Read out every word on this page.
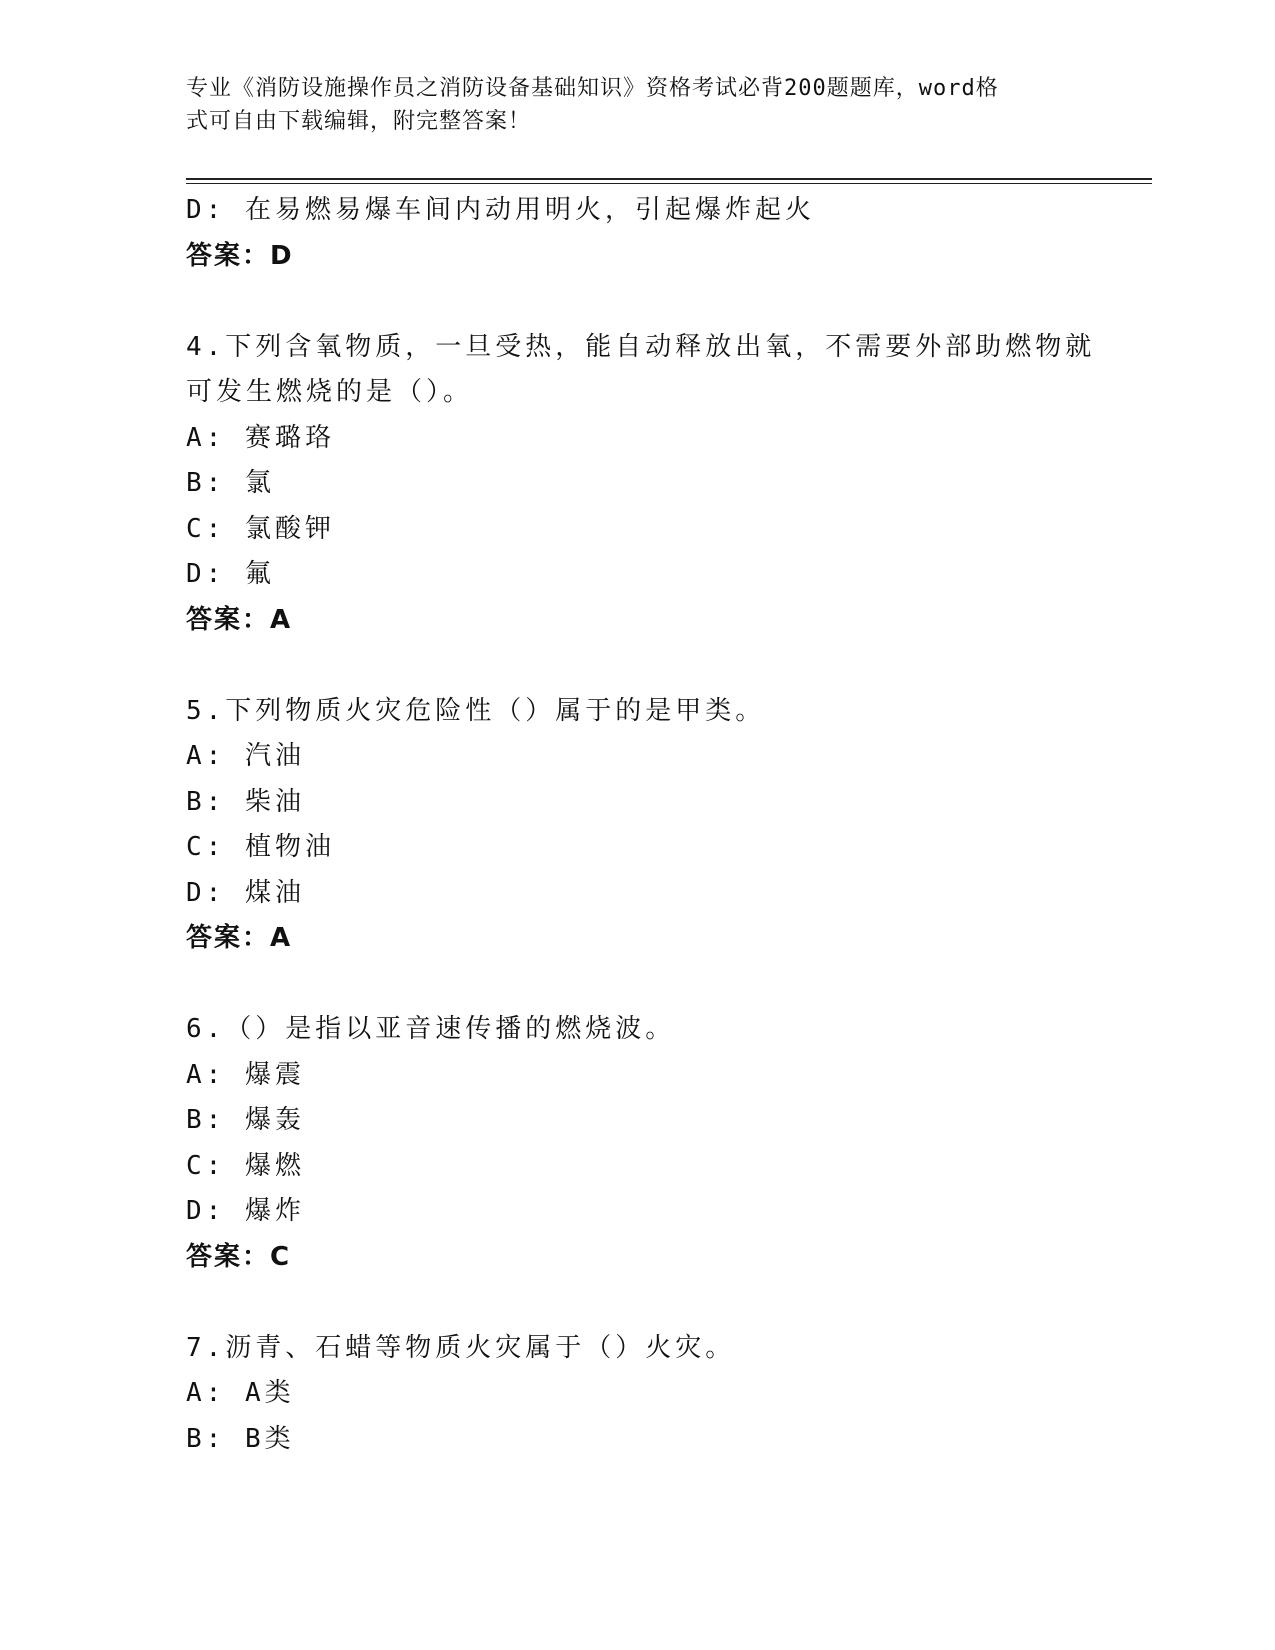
专业《消防设施操作员之消防设备基础知识》资格考试必背200题题库，word格
式可自由下载编辑，附完整答案！
D: 在易燃易爆车间内动用明火，引起爆炸起火
答案：D
4.下列含氧物质，一旦受热，能自动释放出氧，不需要外部助燃物就
可发生燃烧的是（）。
A: 赛璐珞
B: 氯
C: 氯酸钾
D: 氟
答案：A
5.下列物质火灾危险性（）属于的是甲类。
A: 汽油
B: 柴油
C: 植物油
D: 煤油
答案：A
6.（）是指以亚音速传播的燃烧波。
A: 爆震
B: 爆轰
C: 爆燃
D: 爆炸
答案：C
7.沥青、石蜡等物质火灾属于（）火灾。
A: A类
B: B类
